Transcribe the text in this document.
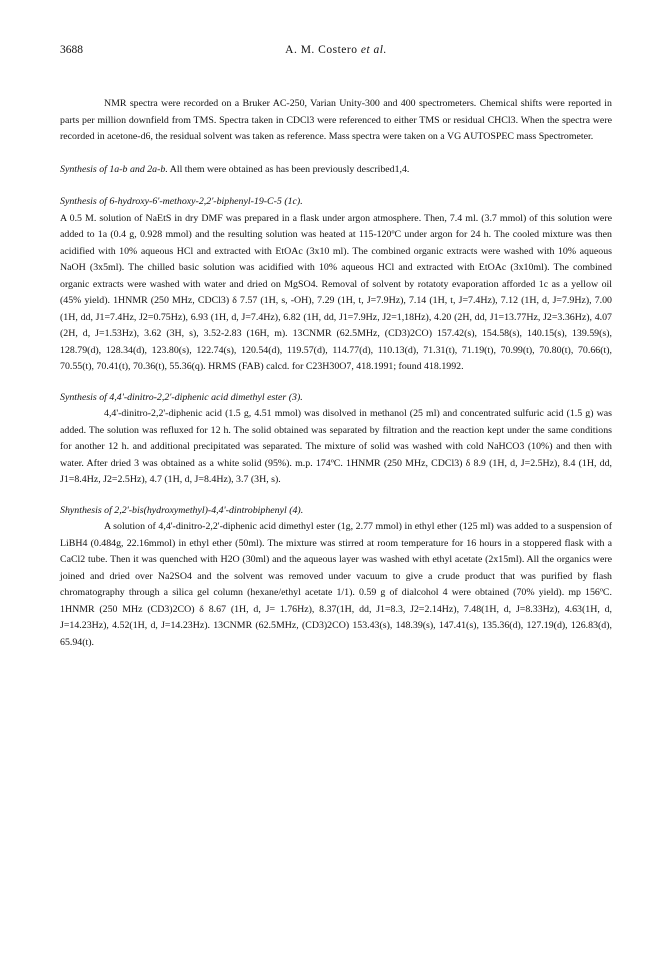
3688	A. M. Costero et al.

NMR spectra were recorded on a Bruker AC-250, Varian Unity-300 and 400 spectrometers. Chemical shifts were reported in parts per million downfield from TMS. Spectra taken in CDCl3 were referenced to either TMS or residual CHCl3. When the spectra were recorded in acetone-d6, the residual solvent was taken as reference. Mass spectra were taken on a VG AUTOSPEC mass Spectrometer.

Synthesis of 1a-b and 2a-b. All them were obtained as has been previously described1,4.

Synthesis of 6-hydroxy-6'-methoxy-2,2'-biphenyl-19-C-5 (1c).

A 0.5 M. solution of NaEtS in dry DMF was prepared in a flask under argon atmosphere. Then, 7.4 ml. (3.7 mmol) of this solution were added to 1a (0.4 g, 0.928 mmol) and the resulting solution was heated at 115-120ºC under argon for 24 h. The cooled mixture was then acidified with 10% aqueous HCl and extracted with EtOAc (3x10 ml). The combined organic extracts were washed with 10% aqueous NaOH (3x5ml). The chilled basic solution was acidified with 10% aqueous HCl and extracted with EtOAc (3x10ml). The combined organic extracts were washed with water and dried on MgSO4. Removal of solvent by rotatoty evaporation afforded 1c as a yellow oil (45% yield). 1HNMR (250 MHz, CDCl3) δ 7.57 (1H, s, -OH), 7.29 (1H, t, J=7.9Hz), 7.14 (1H, t, J=7.4Hz), 7.12 (1H, d, J=7.9Hz), 7.00 (1H, dd, J1=7.4Hz, J2=0.75Hz), 6.93 (1H, d, J=7.4Hz), 6.82 (1H, dd, J1=7.9Hz, J2=1,18Hz), 4.20 (2H, dd, J1=13.77Hz, J2=3.36Hz), 4.07 (2H, d, J=1.53Hz), 3.62 (3H, s), 3.52-2.83 (16H, m). 13CNMR (62.5MHz, (CD3)2CO) 157.42(s), 154.58(s), 140.15(s), 139.59(s), 128.79(d), 128.34(d), 123.80(s), 122.74(s), 120.54(d), 119.57(d), 114.77(d), 110.13(d), 71.31(t), 71.19(t), 70.99(t), 70.80(t), 70.66(t), 70.55(t), 70.41(t), 70.36(t), 55.36(q). HRMS (FAB) calcd. for C23H30O7, 418.1991; found 418.1992.

Synthesis of 4,4'-dinitro-2,2'-diphenic acid dimethyl ester (3).

4,4'-dinitro-2,2'-diphenic acid (1.5 g, 4.51 mmol) was disolved in methanol (25 ml) and concentrated sulfuric acid (1.5 g) was added. The solution was refluxed for 12 h. The solid obtained was separated by filtration and the reaction kept under the same conditions for another 12 h. and additional precipitated was separated. The mixture of solid was washed with cold NaHCO3 (10%) and then with water. After dried 3 was obtained as a white solid (95%). m.p. 174ºC. 1HNMR (250 MHz, CDCl3) δ 8.9 (1H, d, J=2.5Hz), 8.4 (1H, dd, J1=8.4Hz, J2=2.5Hz), 4.7 (1H, d, J=8.4Hz), 3.7 (3H, s).

Shynthesis of 2,2'-bis(hydroxymethyl)-4,4'-dintrobiphenyl (4).

A solution of 4,4'-dinitro-2,2'-diphenic acid dimethyl ester (1g, 2.77 mmol) in ethyl ether (125 ml) was added to a suspension of LiBH4 (0.484g, 22.16mmol) in ethyl ether (50ml). The mixture was stirred at room temperature for 16 hours in a stoppered flask with a CaCl2 tube. Then it was quenched with H2O (30ml) and the aqueous layer was washed with ethyl acetate (2x15ml). All the organics were joined and dried over Na2SO4 and the solvent was removed under vacuum to give a crude product that was purified by flash chromatography through a silica gel column (hexane/ethyl acetate 1/1). 0.59 g of dialcohol 4 were obtained (70% yield). mp 156ºC. 1HNMR (250 MHz (CD3)2CO) δ 8.67 (1H, d, J= 1.76Hz), 8.37(1H, dd, J1=8.3, J2=2.14Hz), 7.48(1H, d, J=8.33Hz), 4.63(1H, d, J=14.23Hz), 4.52(1H, d, J=14.23Hz). 13CNMR (62.5MHz, (CD3)2CO) 153.43(s), 148.39(s), 147.41(s), 135.36(d), 127.19(d), 126.83(d), 65.94(t).
